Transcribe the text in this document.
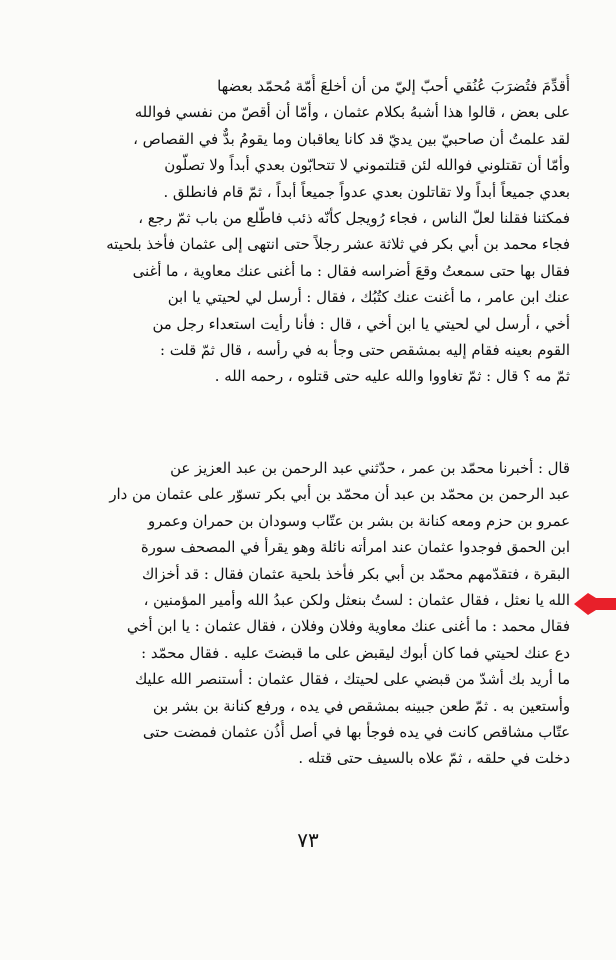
أُقدِّمَ فتُضرَبَ عُنُقي أحبّ إليّ من أن أخلعَ أُمّة مُحمّد بعضها
على بعض ، قالوا هذا أشبهُ بكلام عثمان ، وأمّا أن أقصّ من نفسي فوالله
لقد علمتُ أن صاحبيّ بين يديّ قد كانا يعاقبان وما يقومُ بدٌّ في القصاص ،
وأمّا أن تقتلوني فوالله لئن قتلتموني لا تتحابّون بعدي أبداً ولا تصلّون
بعدي جميعاً أبداً ولا تقاتلون بعدي عدواً جميعاً أبداً ، ثمّ قام فانطلق .
فمكثنا فقلنا لعلّ الناس ، فجاء رُويجل كأنّه ذئب فاطّلع من باب ثمّ رجع ،
فجاء محمد بن أبي بكر في ثلاثة عشر رجلاً حتى انتهى إلى عثمان فأخذ بلحيته
فقال بها حتى سمعتُ وقعَ أضراسه فقال : ما أغنى عنك معاوية ، ما أغنى
عنك ابن عامر ، ما أغنت عنك كتُبُك ، فقال : أرسل لي لحيتي يا ابن
أخي ، أرسل لي لحيتي يا ابن أخي ، قال : فأنا رأيت استعداء رجل من
القوم بعينه فقام إليه بمشقص حتى وجأ به في رأسه ، قال ثمّ قلت :
ثمّ مه ؟ قال : ثمّ تغاووا والله عليه حتى قتلوه ، رحمه الله .
قال : أخبرنا محمّد بن عمر ، حدّثني عبد الرحمن بن عبد العزيز عن
عبد الرحمن بن محمّد بن عبد أن محمّد بن أبي بكر تسوّر على عثمان من دار
عمرو بن حزم ومعه كنانة بن بشر بن عتّاب وسودان بن حمران وعمرو
ابن الحمق فوجدوا عثمان عند امرأته نائلة وهو يقرأ في المصحف سورة
البقرة ، فتقدّمهم محمّد بن أبي بكر فأخذ بلحية عثمان فقال : قد أخزاك
الله يا نعثل ، فقال عثمان : لستُ بنعثل ولكن عبدُ الله وأمير المؤمنين ،
فقال محمد : ما أغنى عنك معاوية وفلان وفلان ، فقال عثمان : يا ابن أخي
دع عنك لحيتي فما كان أبوك ليقبض على ما قبضتَ عليه . فقال محمّد :
ما أريد بك أشدّ من قبضي على لحيتك ، فقال عثمان : أستنصر الله عليك
وأستعين به . ثمّ طعن جبينه بمشقص في يده ، ورفع كنانة بن بشر بن
عتّاب مشاقص كانت في يده فوجأ بها في أصل أُذُن عثمان فمضت حتى
دخلت في حلقه ، ثمّ علاه بالسيف حتى قتله .
٧٣
